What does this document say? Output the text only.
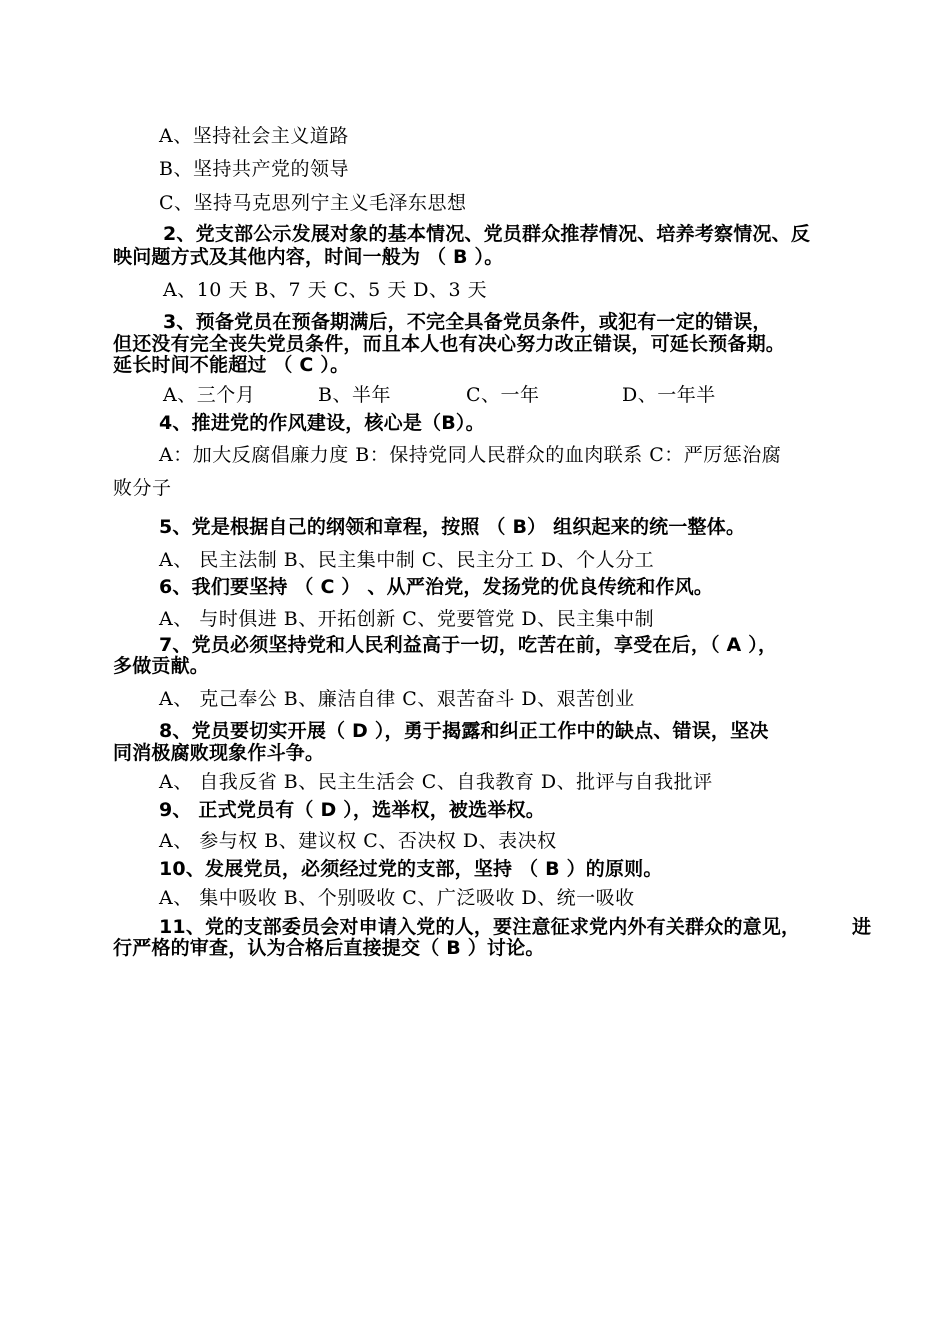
A、坚持社会主义道路
B、坚持共产党的领导
C、坚持马克思列宁主义毛泽东思想
2、党支部公示发展对象的基本情况、党员群众推荐情况、培养考察情况、反
映问题方式及其他内容，时间一般为 （ B ）。
A、10 天 B、7 天 C、5 天 D、3 天
3、预备党员在预备期满后，不完全具备党员条件，或犯有一定的错误，
但还没有完全丧失党员条件，而且本人也有决心努力改正错误，可延长预备期。
延长时间不能超过 （ C ）。
A、三个月	B、半年	C、一年	D、一年半
4、推进党的作风建设，核心是（B）。
A：加大反腐倡廉力度 B：保持党同人民群众的血肉联系 C：严厉惩治腐
败分子
5、党是根据自己的纲领和章程，按照 （ B） 组织起来的统一整体。
A、 民主法制 B、民主集中制 C、民主分工 D、个人分工
6、我们要坚持 （ C ） 、从严治党，发扬党的优良传统和作风。
A、 与时俱进 B、开拓创新 C、党要管党 D、民主集中制
7、党员必须坚持党和人民利益高于一切，吃苦在前，享受在后，（ A ），
多做贡献。
A、 克己奉公 B、廉洁自律 C、艰苦奋斗 D、艰苦创业
8、党员要切实开展（ D ），勇于揭露和纠正工作中的缺点、错误，坚决
同消极腐败现象作斗争。
A、 自我反省 B、民主生活会 C、自我教育 D、批评与自我批评
9、 正式党员有（ D ），选举权，被选举权。
A、 参与权 B、建议权 C、否决权 D、表决权
10、发展党员，必须经过党的支部，坚持 （ B ）的原则。
A、 集中吸收 B、个别吸收 C、广泛吸收 D、统一吸收
11、党的支部委员会对申请入党的人，要注意征求党内外有关群众的意见，	进
行严格的审查，认为合格后直接提交（ B ）讨论。
